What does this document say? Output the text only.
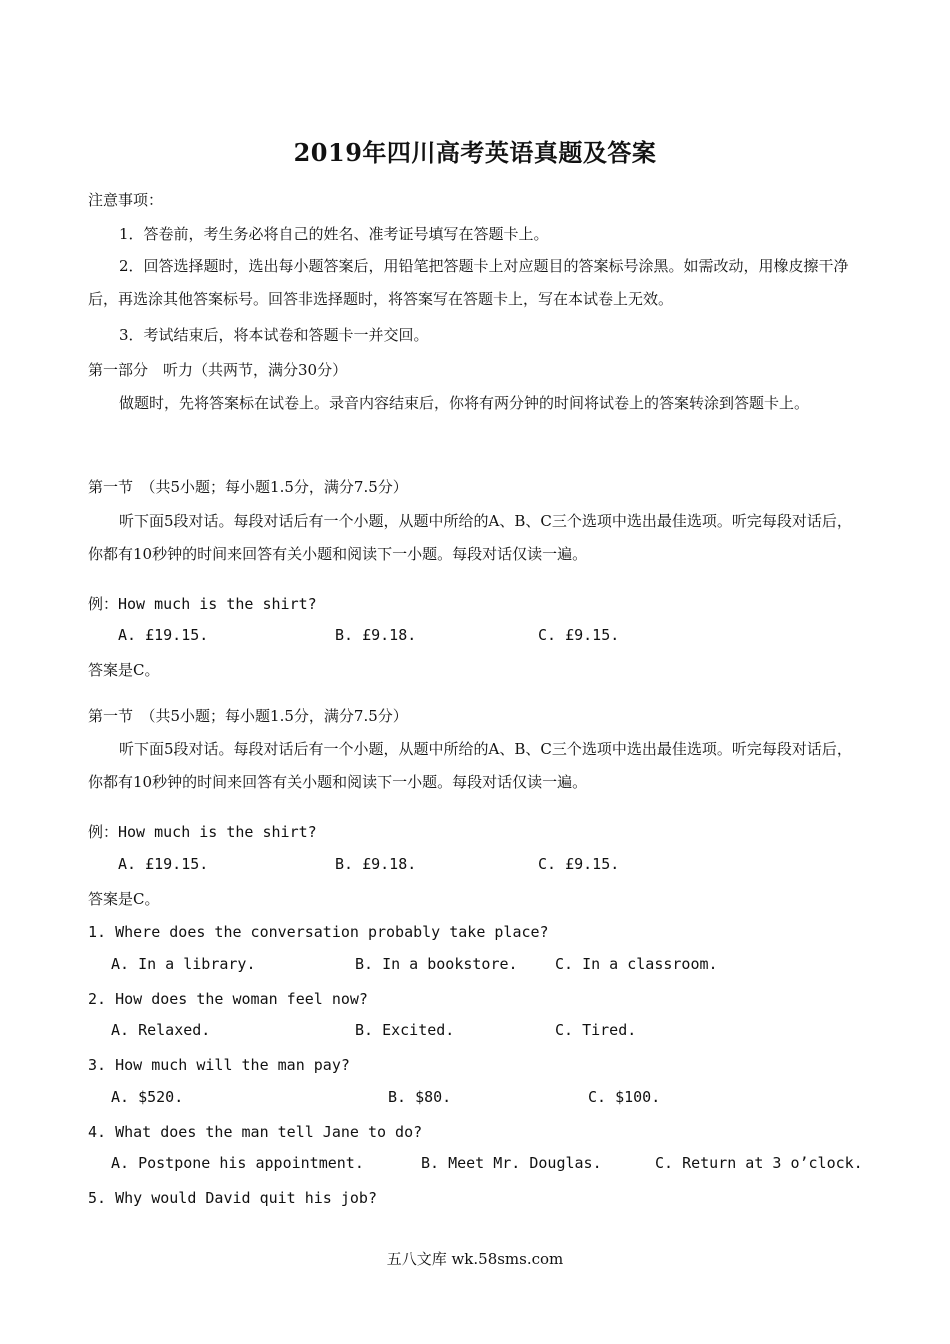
2019年四川高考英语真题及答案
注意事项：
1．答卷前，考生务必将自己的姓名、准考证号填写在答题卡上。
2．回答选择题时，选出每小题答案后，用铅笔把答题卡上对应题目的答案标号涂黑。如需改动，用橡皮擦干净后，再选涂其他答案标号。回答非选择题时，将答案写在答题卡上，写在本试卷上无效。
3．考试结束后，将本试卷和答题卡一并交回。
第一部分　听力（共两节，满分30分）
做题时，先将答案标在试卷上。录音内容结束后，你将有两分钟的时间将试卷上的答案转涂到答题卡上。
第一节　（共5小题；每小题1.5分，满分7.5分）
听下面5段对话。每段对话后有一个小题，从题中所给的A、B、C三个选项中选出最佳选项。听完每段对话后，你都有10秒钟的时间来回答有关小题和阅读下一小题。每段对话仅读一遍。
例：How much is the shirt?
A. £19.15.	B. £9.18.	C. £9.15.
答案是C。
第一节　（共5小题；每小题1.5分，满分7.5分）
听下面5段对话。每段对话后有一个小题，从题中所给的A、B、C三个选项中选出最佳选项。听完每段对话后，你都有10秒钟的时间来回答有关小题和阅读下一小题。每段对话仅读一遍。
例：How much is the shirt?
A. £19.15.	B. £9.18.	C. £9.15.
答案是C。
1. Where does the conversation probably take place?
A. In a library.	B. In a bookstore. C. In a classroom.
2. How does the woman feel now?
A. Relaxed.	B. Excited.	C. Tired.
3. How much will the man pay?
A. $520.	B. $80.	C. $100.
4. What does the man tell Jane to do?
A. Postpone his appointment.	B. Meet Mr. Douglas.	C. Return at 3 o’clock.
5. Why would David quit his job?
五八文库 wk.58sms.com
